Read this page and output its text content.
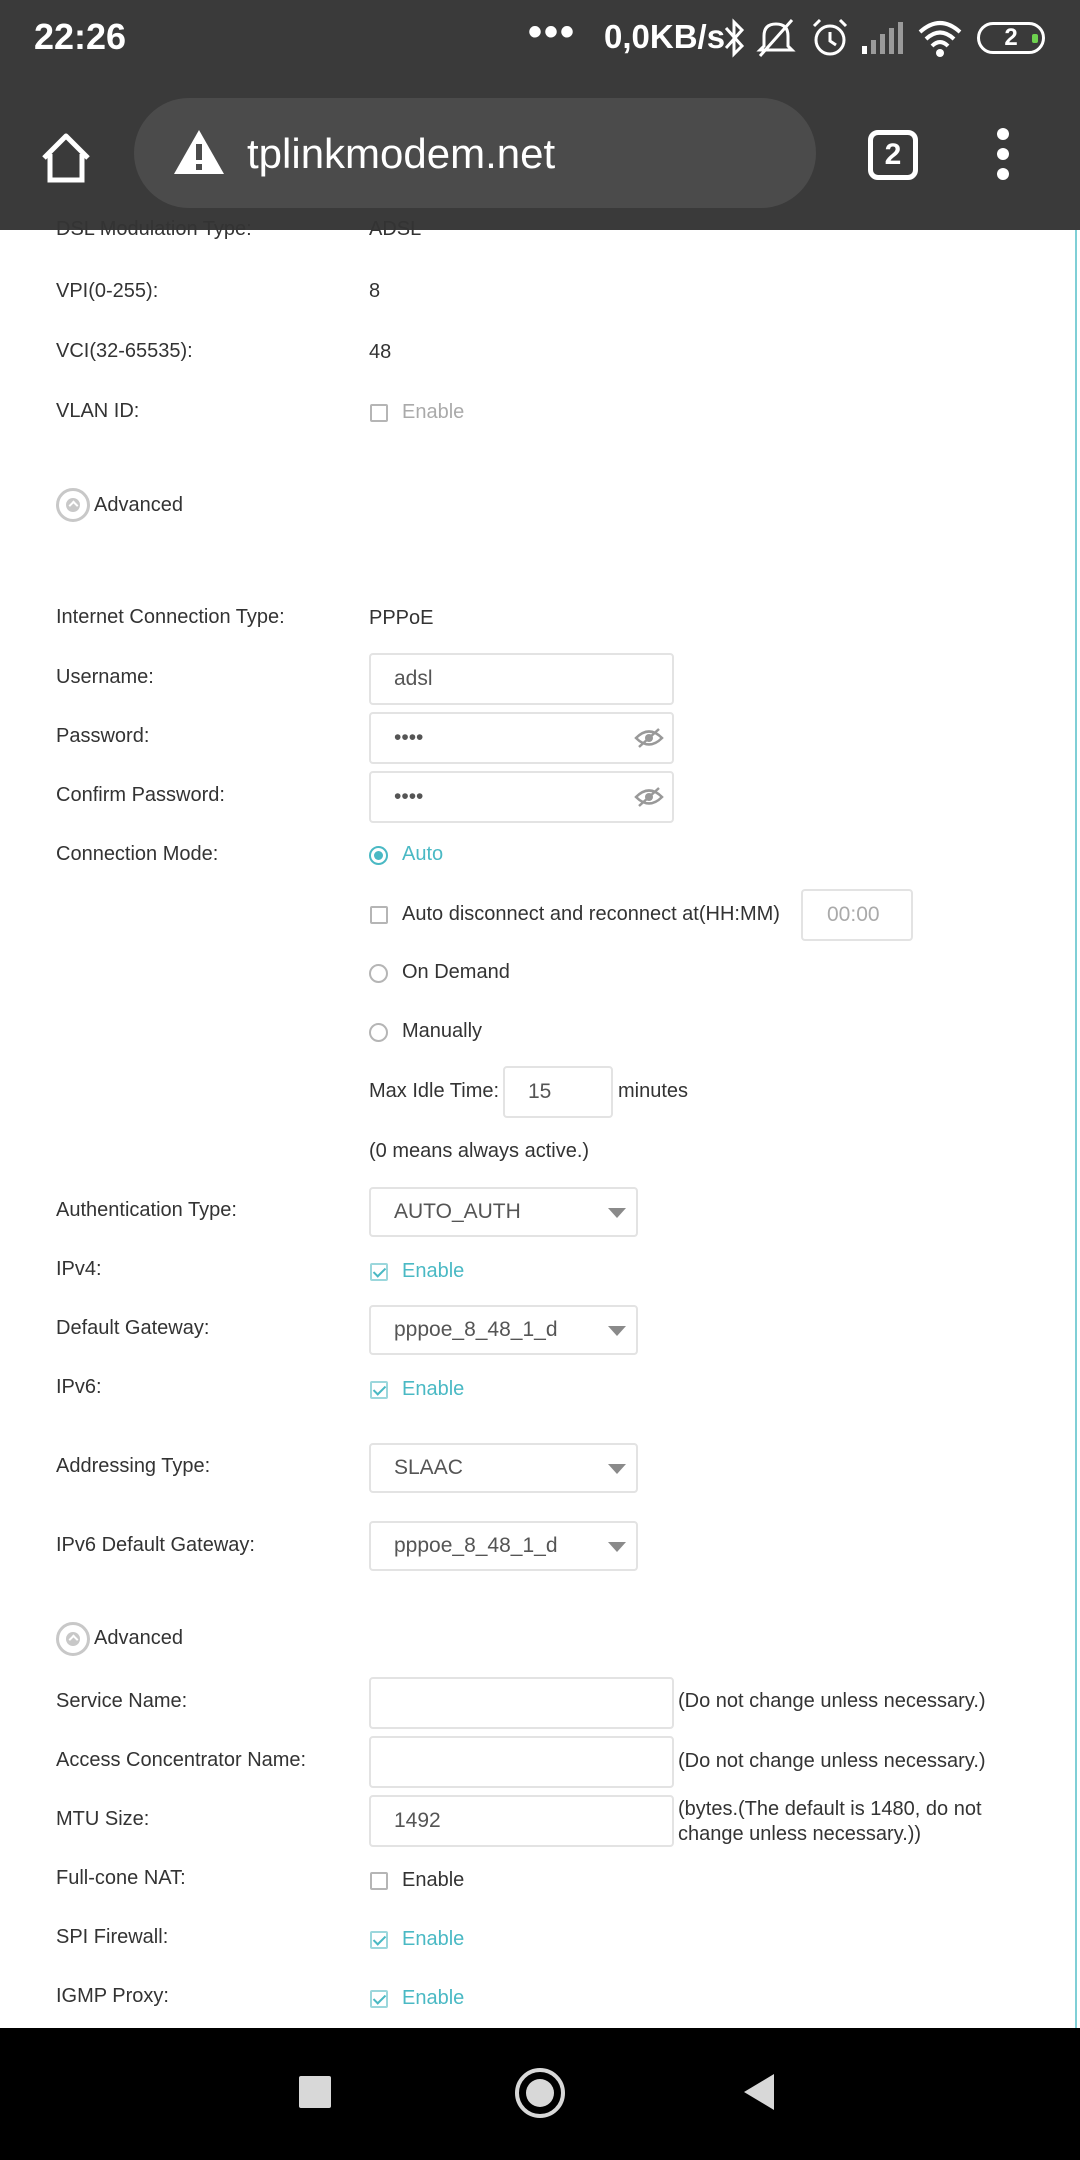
22:26	••• 0,0KB/s	2
tplinkmodem.net	2
DSL Modulation Type:	ADSL
VPI(0-255):	8
VCI(32-65535):	48
VLAN ID:	Enable
Advanced
Internet Connection Type:	PPPoE
Username:	adsl
Password:	••••
Confirm Password:	••••
Connection Mode:	Auto
Auto disconnect and reconnect at(HH:MM)	00:00
On Demand
Manually
Max Idle Time:	15	minutes
(0 means always active.)
Authentication Type:	AUTO_AUTH
IPv4:	Enable
Default Gateway:	pppoe_8_48_1_d
IPv6:	Enable
Addressing Type:	SLAAC
IPv6 Default Gateway:	pppoe_8_48_1_d
Advanced
Service Name:	(Do not change unless necessary.)
Access Concentrator Name:	(Do not change unless necessary.)
MTU Size:	1492	(bytes.(The default is 1480, do not
change unless necessary.))
Full-cone NAT:	Enable
SPI Firewall:	Enable
IGMP Proxy:	Enable
